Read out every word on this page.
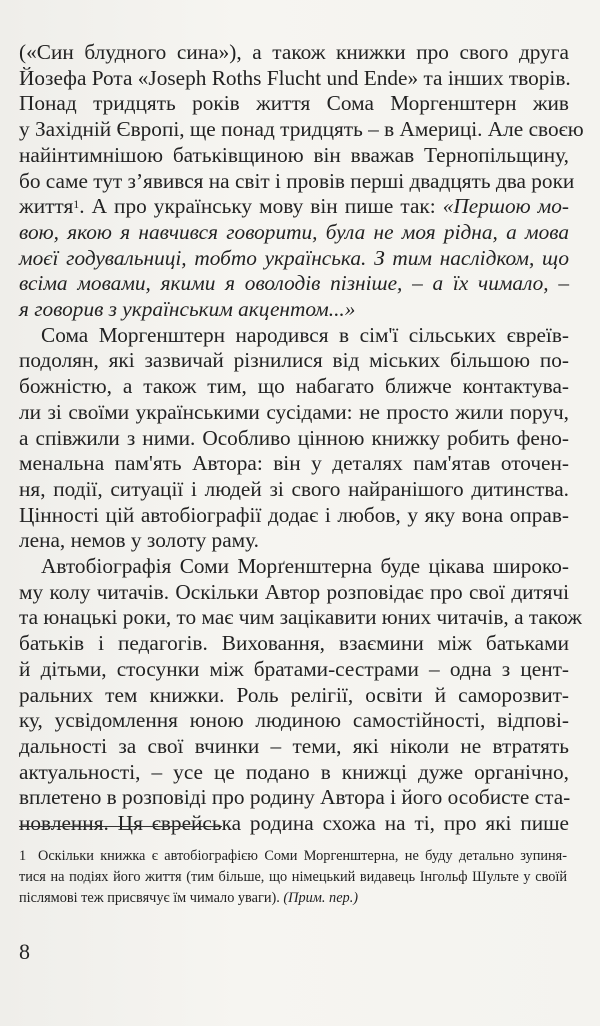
(«Син блудного сина»), а також книжки про свого друга
Йозефа Рота «Joseph Roths Flucht und Ende» та інших творів.
Понад тридцять років життя Сома Моргенштерн жив
у Західній Європі, ще понад тридцять – в Америці. Але своєю
найінтимнішою батьківщиною він вважав Тернопільщину,
бо саме тут з’явився на світ і провів перші двадцять два роки
життя$^1$. А про українську мову він пише так: «Першою мо-
вою, якою я навчився говорити, була не моя рідна, а мова
моєї годувальниці, тобто українська. З тим наслідком, що
всіма мовами, якими я оволодів пізніше, – а їх чимало, –
я говорив з українським акцентом...»
Сома Моргенштерн народився в сім'ї сільських євреїв-
подолян, які зазвичай різнилися від міських більшою по-
божністю, а також тим, що набагато ближче контактува-
ли зі своїми українськими сусідами: не просто жили поруч,
а співжили з ними. Особливо цінною книжку робить фено-
менальна пам'ять Автора: він у деталях пам'ятав оточен-
ня, події, ситуації і людей зі свого найранішого дитинства.
Цінності цій автобіографії додає і любов, у яку вона оправ-
лена, немов у золоту раму.
Автобіографія Соми Морґенштерна буде цікава широко-
му колу читачів. Оскільки Автор розповідає про свої дитячі
та юнацькі роки, то має чим зацікавити юних читачів, а також
батьків і педагогів. Виховання, взаємини між батьками
й дітьми, стосунки між братами-сестрами – одна з цент-
ральних тем книжки. Роль релігії, освіти й саморозвит-
ку, усвідомлення юною людиною самостійності, відпові-
дальності за свої вчинки – теми, які ніколи не втратять
актуальності, – усе це подано в книжці дуже органічно,
вплетено в розповіді про родину Автора і його особисте ста-
новлення. Ця єврейська родина схожа на ті, про які пише
1 Оскільки книжка є автобіографією Соми Моргенштерна, не буду детально зупиня-
тися на подіях його життя (тим більше, що німецький видавець Інгольф Шульте у своїй
післямові теж присвячує їм чимало уваги). (Прим. пер.)
8
